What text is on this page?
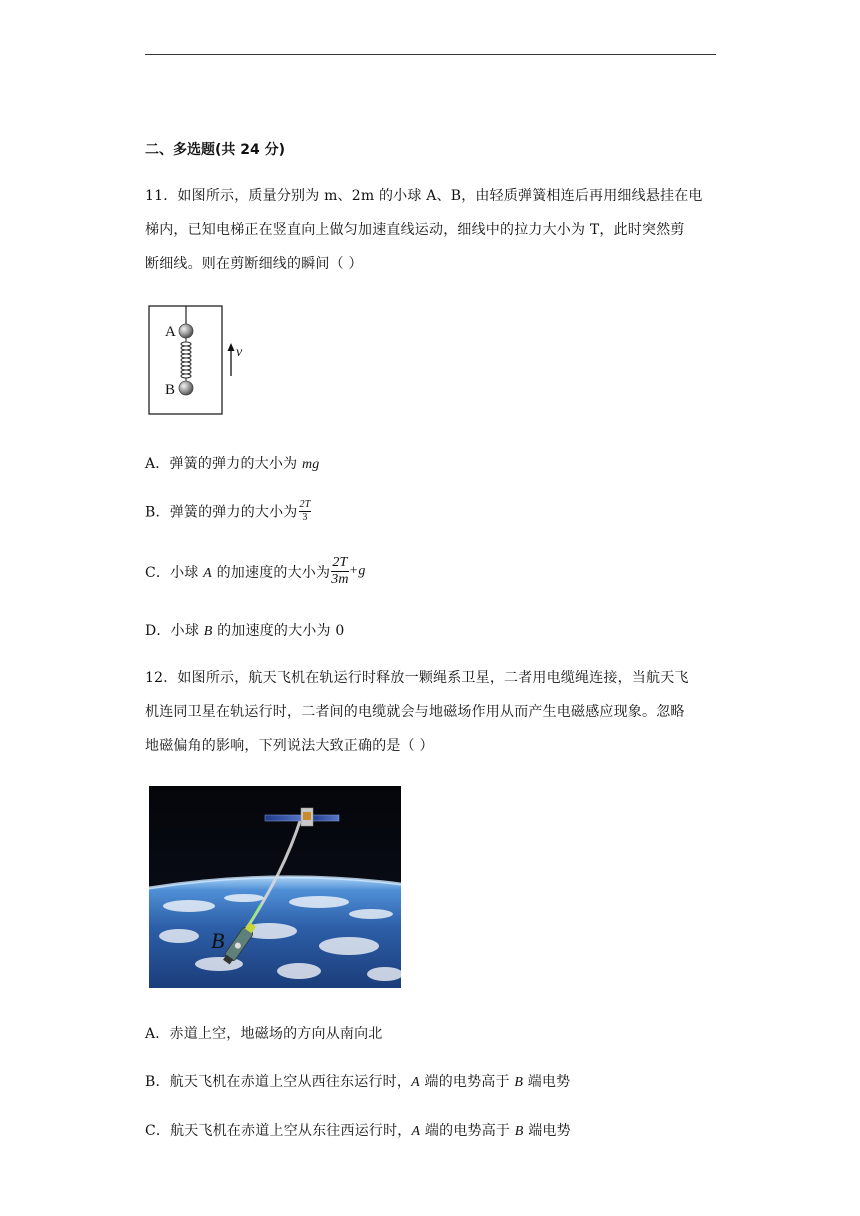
二、多选题(共 24 分)
11．如图所示，质量分别为 m、2m 的小球 A、B，由轻质弹簧相连后再用细线悬挂在电
梯内，已知电梯正在竖直向上做匀加速直线运动，细线中的拉力大小为 T，此时突然剪
断细线。则在剪断细线的瞬间（ ）
A
B
v
A．弹簧的弹力的大小为 mg
B．弹簧的弹力的大小为 $\frac{2T}{3}$
C．小球 A 的加速度的大小为 $\frac{2T}{3m} +g$
D．小球 B 的加速度的大小为 0
12．如图所示，航天飞机在轨运行时释放一颗绳系卫星，二者用电缆绳连接，当航天飞
机连同卫星在轨运行时，二者间的电缆就会与地磁场作用从而产生电磁感应现象。忽略
地磁偏角的影响，下列说法大致正确的是（ ）
B
A．赤道上空，地磁场的方向从南向北
B．航天飞机在赤道上空从西往东运行时，A 端的电势高于 B 端电势
C．航天飞机在赤道上空从东往西运行时，A 端的电势高于 B 端电势
